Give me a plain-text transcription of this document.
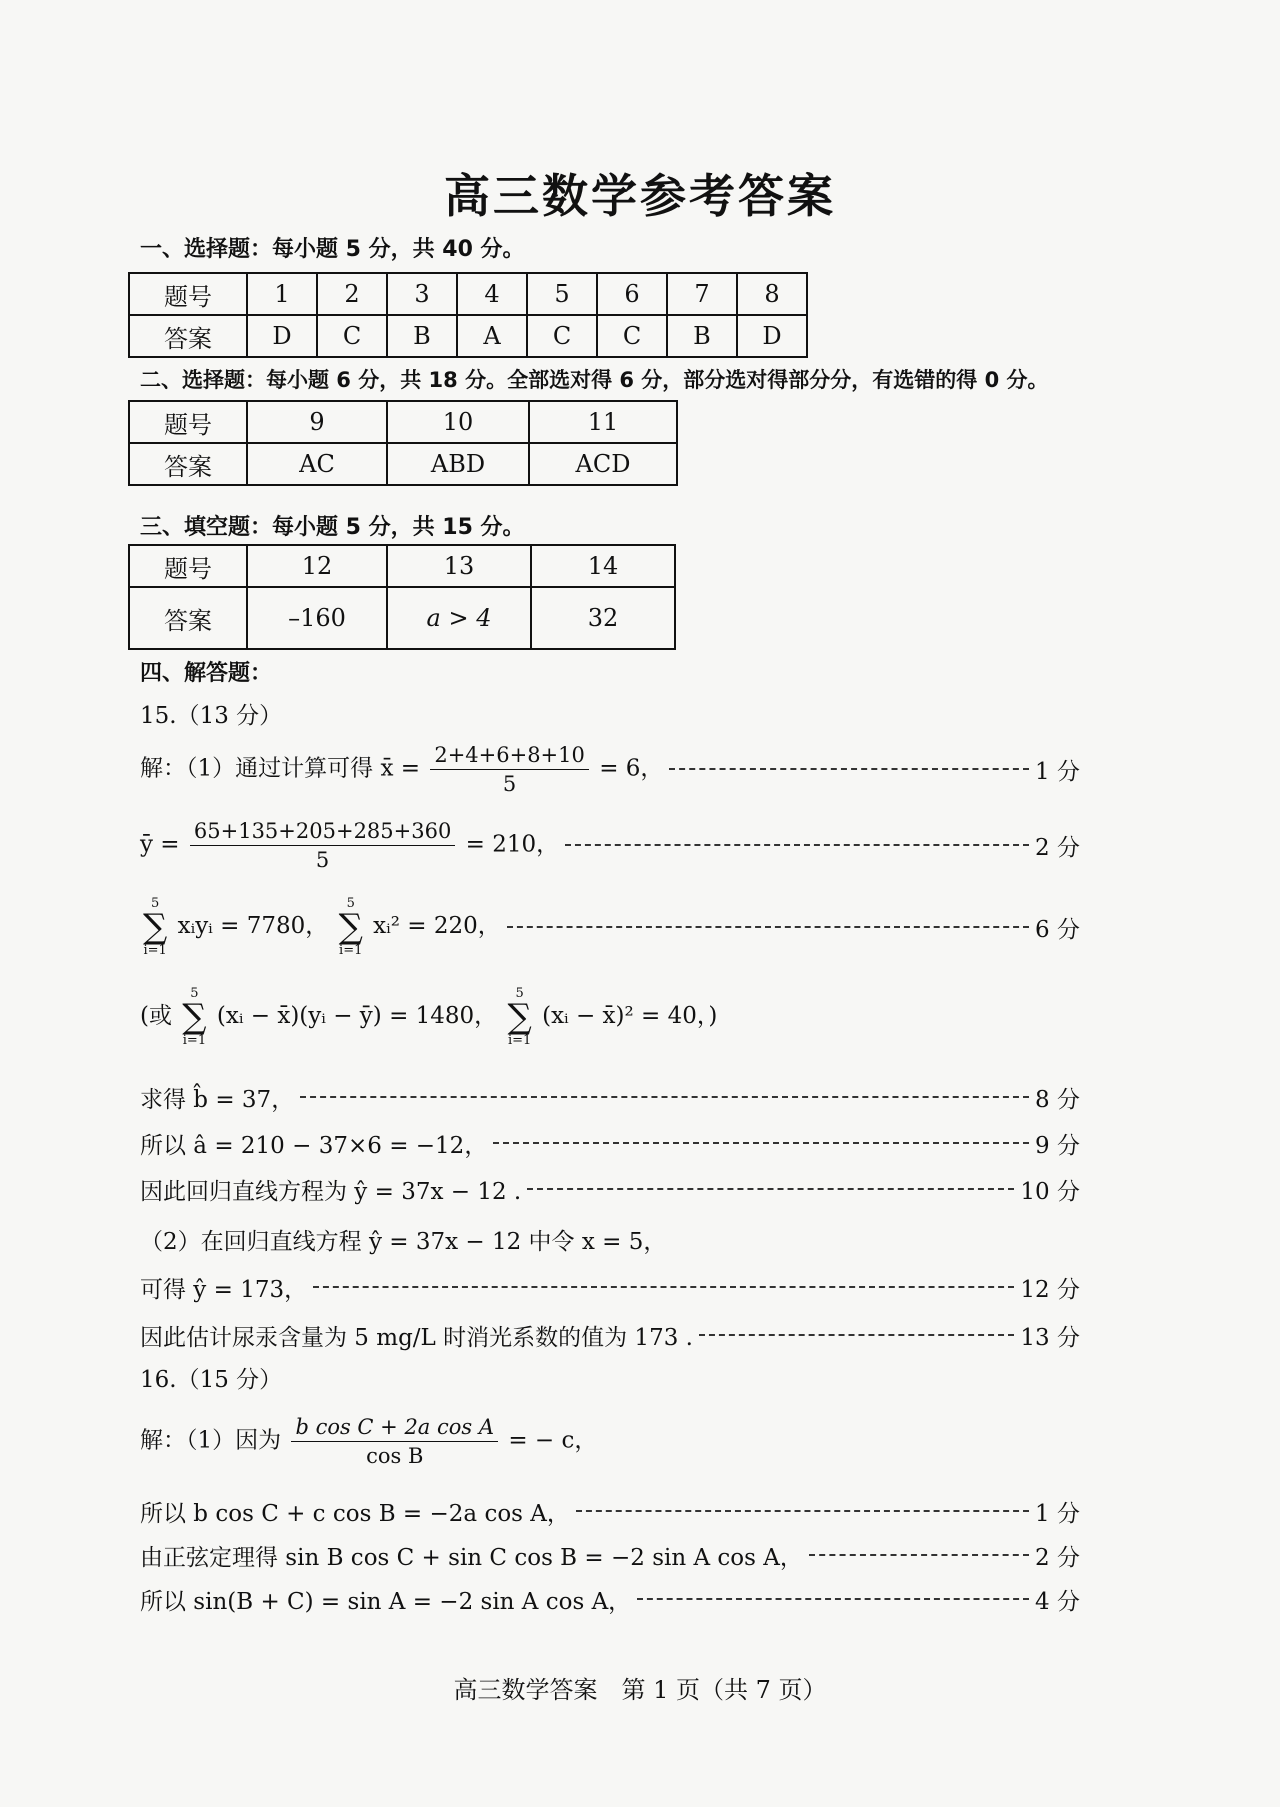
高三数学参考答案
一、选择题：每小题 5 分，共 40 分。
题号	1	2	3	4	5	6	7	8
答案	D	C	B	A	C	C	B	D
二、选择题：每小题 6 分，共 18 分。全部选对得 6 分，部分选对得部分分，有选错的得 0 分。
题号	9	10	11
答案	AC	ABD	ACD
三、填空题：每小题 5 分，共 15 分。
题号	12	13	14
答案	–160	a > 4	32
四、解答题：
15.（13 分）
解：（1）通过计算可得 x̄ = $\frac{2+4+6+8+10}{5} = 6$，	1 分
ȳ = $\frac{65+135+205+285+360}{5} = 210$，	2 分
5
∑
i=1
xᵢyᵢ = 7780，
5
∑
i=1
xᵢ² = 220，	6 分
(或
5
∑
i=1
(xᵢ − x̄)(yᵢ − ȳ) = 1480，
5
∑
i=1
(xᵢ − x̄)² = 40，)
求得 b̂ = 37，	8 分
所以 â = 210 − 37×6 = −12，	9 分
因此回归直线方程为 ŷ = 37x − 12 .	10 分
（2）在回归直线方程 ŷ = 37x − 12 中令 x = 5，
可得 ŷ = 173，	12 分
因此估计尿汞含量为 5 mg/L 时消光系数的值为 173 .	13 分
16.（15 分）
解：（1）因为 $\frac{\text{b cos C + 2a cos A}}{\text{cos B}}$ = − c，
所以 b cos C + c cos B = −2a cos A，	1 分
由正弦定理得 sin B cos C + sin C cos B = −2 sin A cos A，	2 分
所以 sin(B + C) = sin A = −2 sin A cos A，	4 分
高三数学答案　第 1 页（共 7 页）
